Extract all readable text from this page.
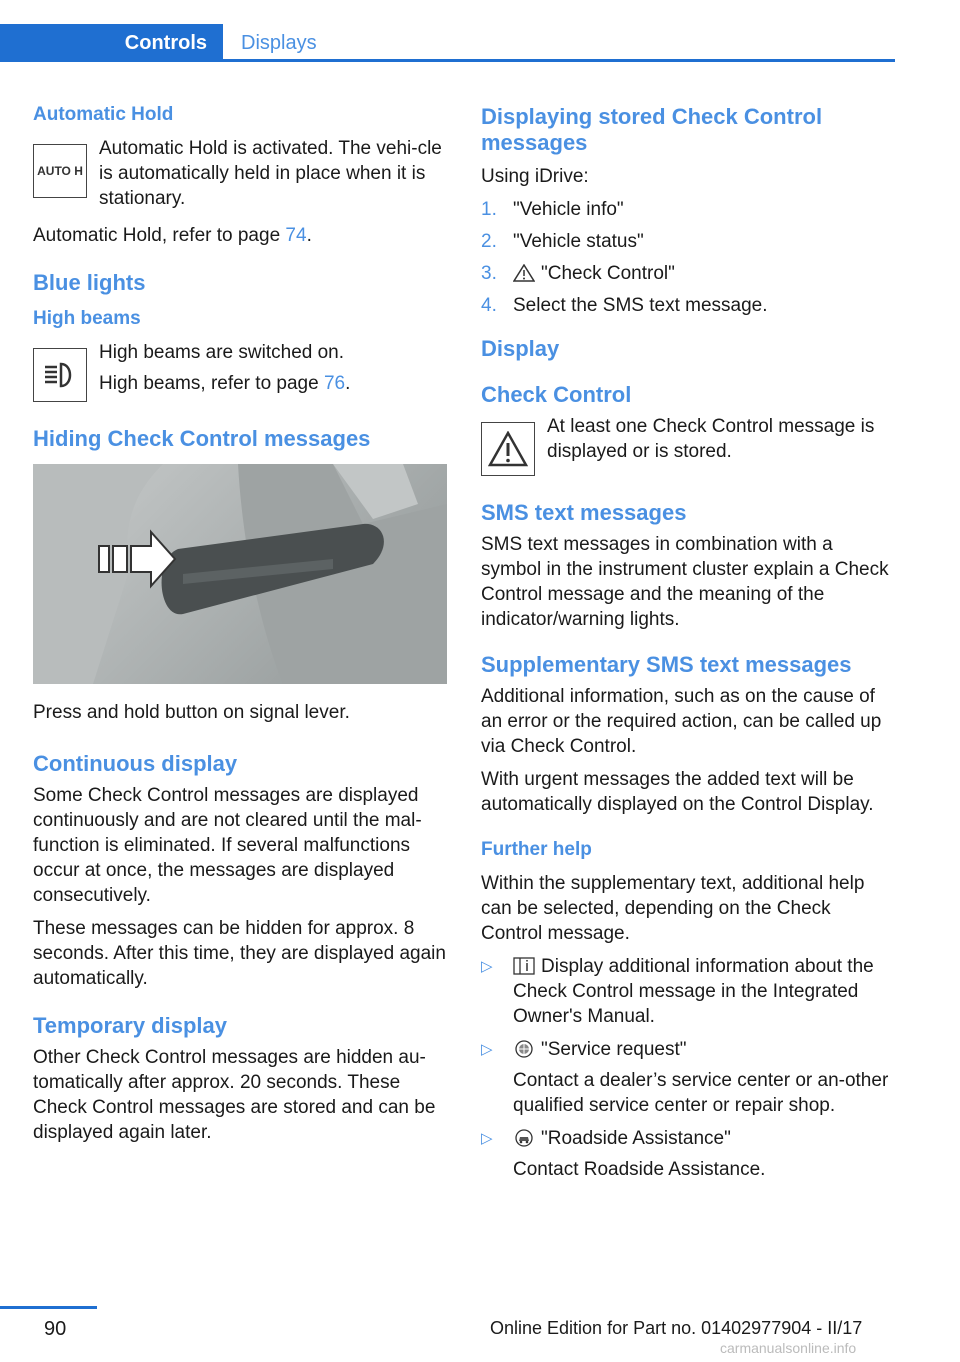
Controls	Displays
Automatic Hold
AUTO H

Automatic Hold is activated. The vehi-cle is automatically held in place when it is stationary.

Automatic Hold, refer to page 74.

Blue lights
High beams

High beams are switched on.

High beams, refer to page 76.

Hiding Check Control messages

Press and hold button on signal lever.

Continuous display

Some Check Control messages are displayed continuously and are not cleared until the mal-function is eliminated. If several malfunctions occur at once, the messages are displayed consecutively.

These messages can be hidden for approx. 8 seconds. After this time, they are displayed again automatically.

Temporary display

Other Check Control messages are hidden au-tomatically after approx. 20 seconds. These Check Control messages are stored and can be displayed again later.

Displaying stored Check Control messages

Using iDrive:

1. "Vehicle info"
2. "Vehicle status"
3.	"Check Control"
4. Select the SMS text message.
Display
Check Control

At least one Check Control message is displayed or is stored.

SMS text messages

SMS text messages in combination with a symbol in the instrument cluster explain a Check Control message and the meaning of the indicator/warning lights.

Supplementary SMS text messages

Additional information, such as on the cause of an error or the required action, can be called up via Check Control.

With urgent messages the added text will be automatically displayed on the Control Display.

Further help

Within the supplementary text, additional help can be selected, depending on the Check Control message.

▷	Display additional information about the Check Control message in the Integrated Owner's Manual.
▷	"Service request"
Contact a dealer’s service center or an-other qualified service center or repair shop.
▷	"Roadside Assistance"
Contact Roadside Assistance.
90	Online Edition for Part no. 01402977904 - II/17
carmanualsonline.info
